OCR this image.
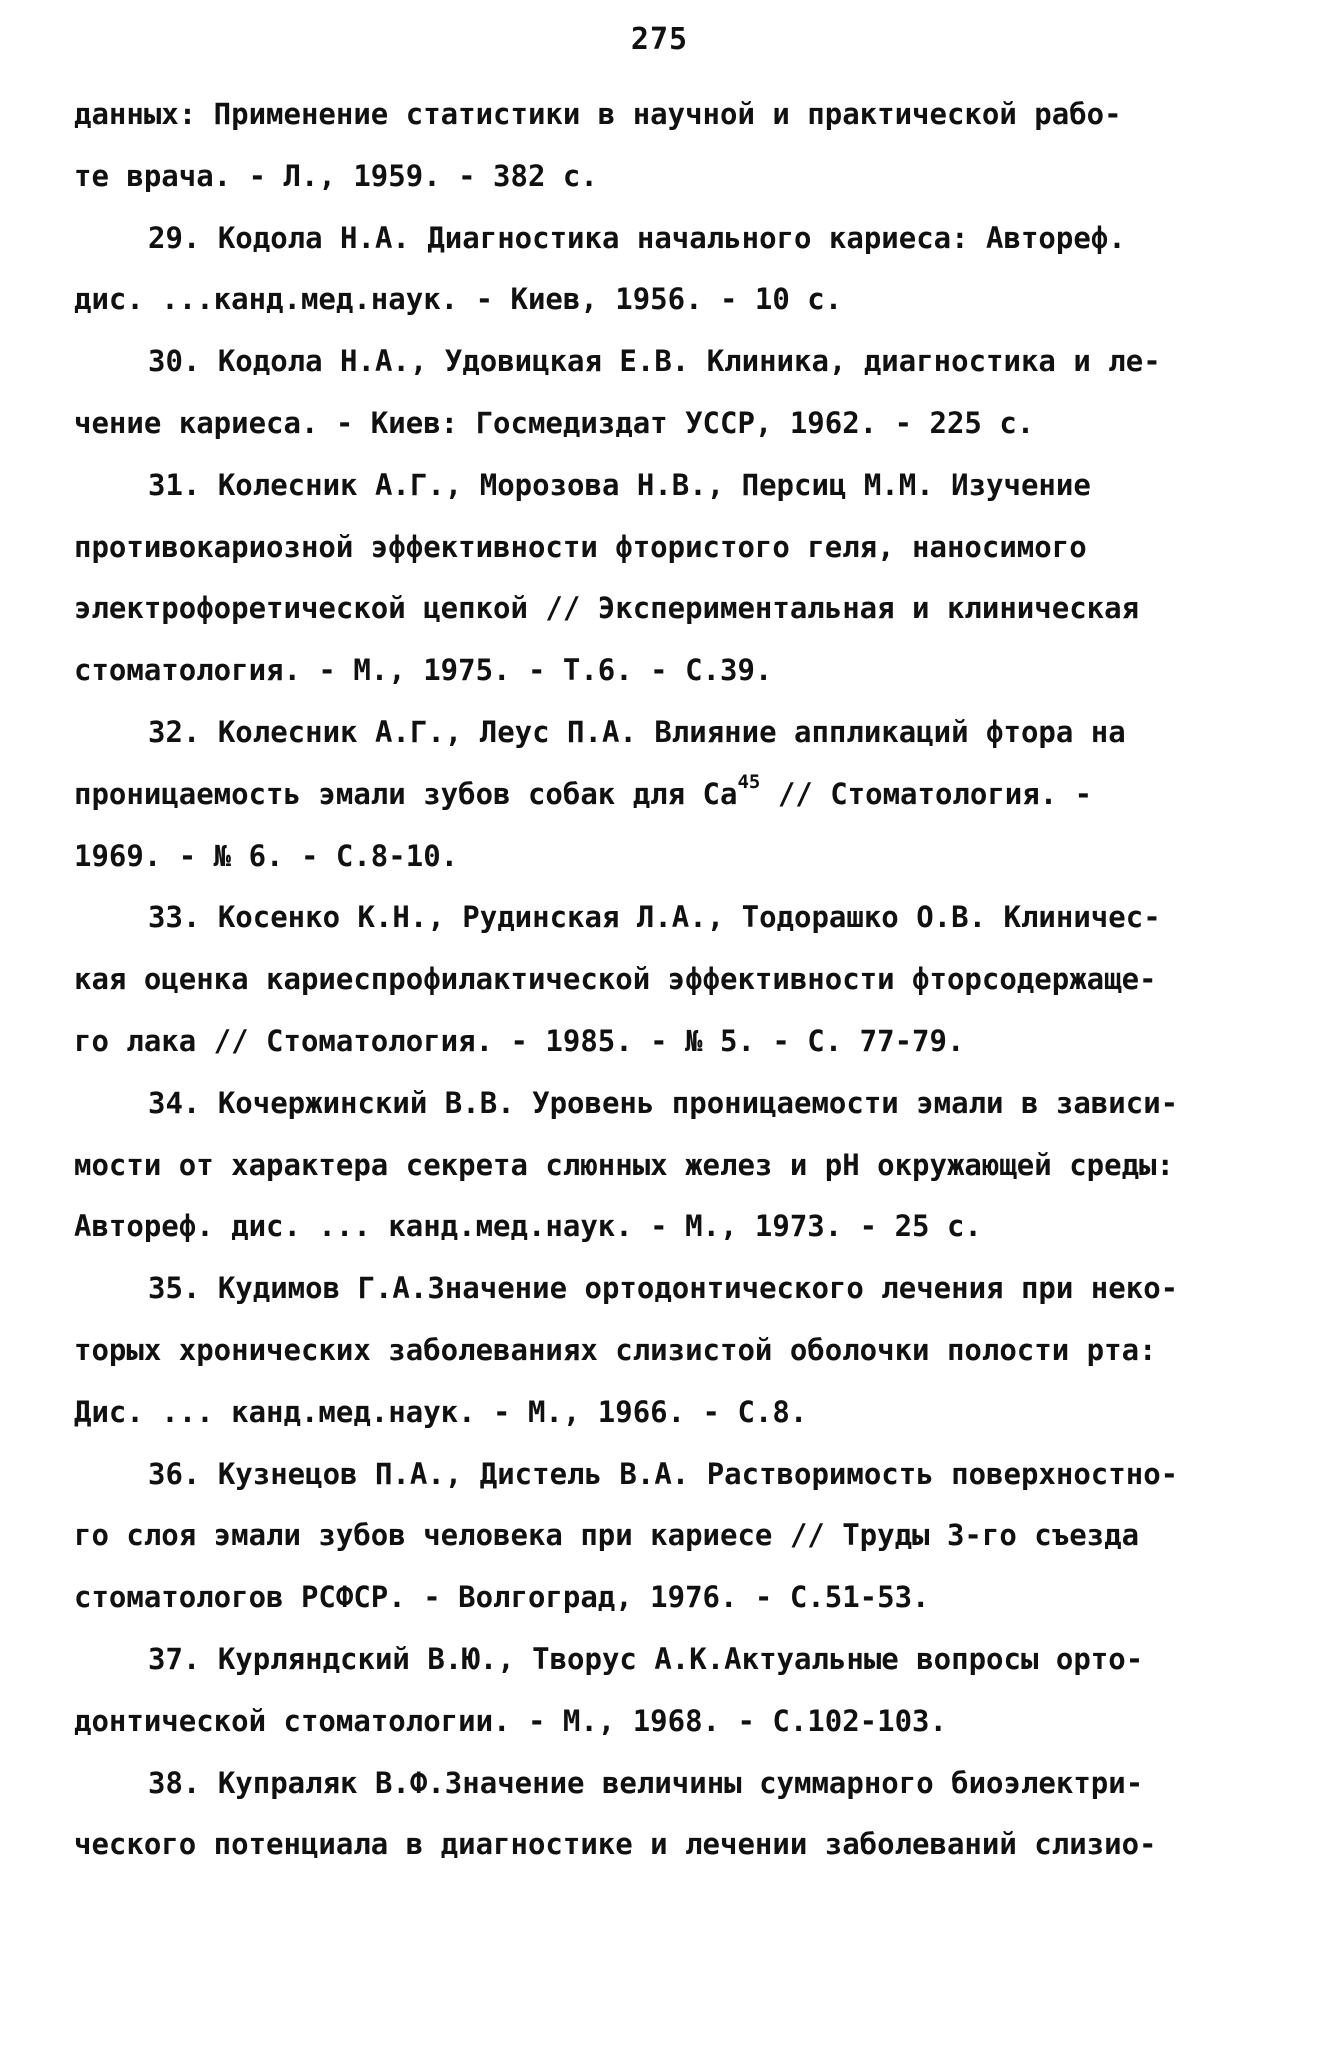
275
данных: Применение статистики в научной и практической рабо-
те врача. - Л., 1959. - 382 с.
29. Кодола Н.А. Диагностика начального кариеса: Автореф.
дис. ...канд.мед.наук. - Киев, 1956. - 10 с.
30. Кодола Н.А., Удовицкая Е.В. Клиника, диагностика и ле-
чение кариеса. - Киев: Госмедиздат УССР, 1962. - 225 с.
31. Колесник А.Г., Морозова Н.В., Персиц М.М. Изучение
противокариозной эффективности фтористого геля, наносимого
электрофоретической цепкой // Экспериментальная и клиническая
стоматология. - М., 1975. - Т.6. - С.39.
32. Колесник А.Г., Леус П.А. Влияние аппликаций фтора на
проницаемость эмали зубов собак для Ca$^{45}$ // Стоматология. -
1969. - № 6. - С.8-10.
33. Косенко К.Н., Рудинская Л.А., Тодорашко О.В. Клиничес-
кая оценка кариеспрофилактической эффективности фторсодержаще-
го лака // Стоматология. - 1985. - № 5. - С. 77-79.
34. Кочержинский В.В. Уровень проницаемости эмали в зависи-
мости от характера секрета слюнных желез и pH окружающей среды:
Автореф. дис. ... канд.мед.наук. - М., 1973. - 25 с.
35. Кудимов Г.А.Значение ортодонтического лечения при неко-
торых хронических заболеваниях слизистой оболочки полости рта:
Дис. ... канд.мед.наук. - М., 1966. - С.8.
36. Кузнецов П.А., Дистель В.А. Растворимость поверхностно-
го слоя эмали зубов человека при кариесе // Труды 3-го съезда
стоматологов РСФСР. - Волгоград, 1976. - С.51-53.
37. Курляндский В.Ю., Творус А.К.Актуальные вопросы орто-
донтической стоматологии. - М., 1968. - С.102-103.
38. Купраляк В.Ф.Значение величины суммарного биоэлектри-
ческого потенциала в диагностике и лечении заболеваний слизио-
